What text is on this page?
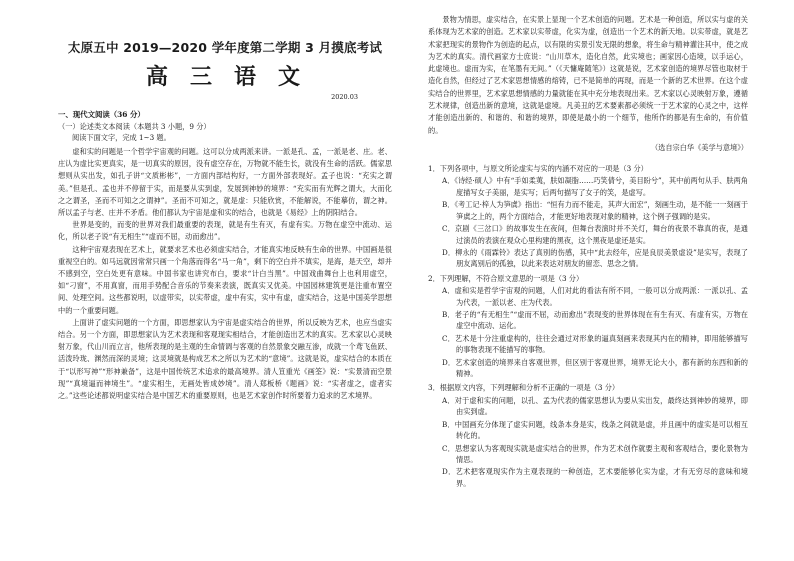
太原五中 2019—2020 学年度第二学期 3 月摸底考试
高三语文
2020.03
一、现代文阅读（36 分）
（一）论述类文本阅读（本题共 3 小题，9 分）
阅读下面文字，完成 1~3 题。

虚和实的问题是一个哲学宇宙观的问题。这可以分成两派来讲。一派是孔、孟，一派是老、庄。老、庄认为虚比实更真实，是一切真实的原因，没有虚空存在，万物就不能生长，就没有生命的活跃。儒家思想则从实出发，如孔子讲“文质彬彬”，一方面内部结构好，一方面外部表现好。孟子也说：“充实之谓美。”但是孔、孟也并不停留于实，而是要从实到虚，发展到神妙的境界：“充实而有光辉之谓大，大而化之之谓圣，圣而不可知之之谓神”。圣而不可知之，就是虚：只能欣赏，不能解说，不能摹仿，谓之神。所以孟子与老、庄并不矛盾。他们都认为宇宙是虚和实的结合，也就是《易经》上的阴阳结合。

世界是变的，而变的世界对我们最重要的表现，就是有生有灭，有虚有实。万物在虚空中流动、运化，所以老子说“有无相生”“虚而不屈，动而愈出”。

这种宇宙观表现在艺术上，就要求艺术也必须虚实结合，才能真实地反映有生命的世界。中国画是很重视空白的。如马远就因常常只画一个角落而得名“马一角”，剩下的空白并不填实，是海，是天空，却并不感到空，空白处更有意味。中国书家也讲究布白，要求“计白当黑”。中国戏曲舞台上也利用虚空，如“刁窗”，不用真窗，而用手势配合音乐的节奏来表演，既真实又优美。中国园林建筑更是注重布置空间、处理空间。这些都说明，以虚带实，以实带虚，虚中有实，实中有虚，虚实结合，这是中国美学思想中的一个重要问题。

上面讲了虚实问题的一个方面，即思想家认为宇宙是虚实结合的世界，所以反映为艺术，也应当虚实结合。另一个方面，即思想家认为艺术表现和客观现实相结合，才能创造出艺术的真实。艺术家以心灵映射万象，代山川而立言，他所表现的是主观的生命情调与客观的自然景象交融互渗，成就一个鸢飞鱼跃、活泼玲珑、渊然而深的灵境；这灵境就是构成艺术之所以为艺术的“意境”。这就是说，虚实结合的本质在于“以形写神”“形神兼备”，这是中国传统艺术追求的最高境界。清人笪重光《画筌》说：“实景清而空景现”“真境逼而神境生”。“虚实相生，无画处皆成妙境”。清人郑板桥《题画》说：“实者虚之，虚者实之。”这些论述都说明虚实结合是中国艺术的重要原则，也是艺术家创作时所要着力追求的艺术境界。

景物为情思，虚实结合，在实景上显现一个艺术创造的问题。艺术是一种创造，所以实与虚的关系体现为艺术家的创造。艺术家以实带虚，化实为虚，创造出一个艺术的新天地。以实带虚，就是艺术家把现实的景物作为创造的起点，以有限的实景引发无限的想象，将生命与精神灌注其中，使之成为艺术的真实。清代画家方士庶说：“山川草木，造化自然，此实境也；画家因心造境，以手运心，此虚境也。虚而为实，在笔墨有无间。”（《天慵庵随笔》）这就是说，艺术家创造的境界尽管也取材于造化自然，但经过了艺术家思想情感的熔铸，已不是简单的再现，而是一个新的艺术世界。在这个虚实结合的世界里，艺术家思想情感的力量就能在其中充分地表现出来。艺术家以心灵映射万象，遵循艺术规律，创造出新的意境，这就是虚境。凡美丑的艺术要素都必须统一于艺术家的心灵之中，这样才能创造出新的、和谐的、和谐的境界，即使是最小的一个细节，他所作的都是有生命的，有价值的。

（选自宗白华《美学与意境》）
1．下列各项中，与原文所论虚实与实的内涵不对应的一项是（3 分）
A．《诗经·硕人》中有“手如柔荑，肤如凝脂……巧笑倩兮，美目盼兮”，其中前两句从手、肤两角度描写女子美丽，是实写；后两句描写了女子的笑，是虚写。
B．《考工记·梓人为笋虡》指出：“恒有力而不能走，其声大而宏”，刻画生动，是不能一一刻画于笋虡之上的，两个方面结合，才能更好地表现对象的精神，这个例子强调的是实。
C．京剧《三岔口》的故事发生在夜间，但舞台表演时并不关灯，舞台的夜景不靠真的夜，是通过演员的表演在观众心里构建的黑夜，这个黑夜是虚还是实。
D．柳永的《雨霖铃》表达了真别的伤感，其中“此去经年，应是良辰美景虚设”是实写，表现了朋友离别后的孤独，以此来表达对朋友的留恋、思念之情。
2．下列理解，不符合原文意思的一项是（3 分）
A．虚和实是哲学宇宙观的问题，人们对此的看法有所不同，一般可以分成两派：一派以孔、孟为代表，一派以老、庄为代表。
B．老子的“有无相生”“虚而不屈，动而愈出”表现变的世界体现在有生有灭、有虚有实，万物在虚空中流动、运化。
C．艺术是十分注重虚构的，往往会通过对形象的逼真刻画来表现其内在的精神，即用能够描写的事物表现不能描写的事物。
D．艺术家创造的境界来自客观世界，但区别于客观世界，境界无论大小，都有新的东西和新的精神。
3．根据原文内容，下列理解和分析不正确的一项是（3 分）
A．对于虚和实的问题，以孔、孟为代表的儒家思想认为要从实出发，最终达到神妙的境界，即由实到虚。
B．中国画充分体现了虚实问题，线条本身是实，线条之间就是虚，并且画中的虚实是可以相互转化的。
C．思想家认为客观现实就是虚实结合的世界，作为艺术创作就要主观和客观结合，要化景物为情思。
D．艺术把客观现实作为主观表现的一种创造，艺术要能够化实为虚，才有无穷尽的意味和境界。
